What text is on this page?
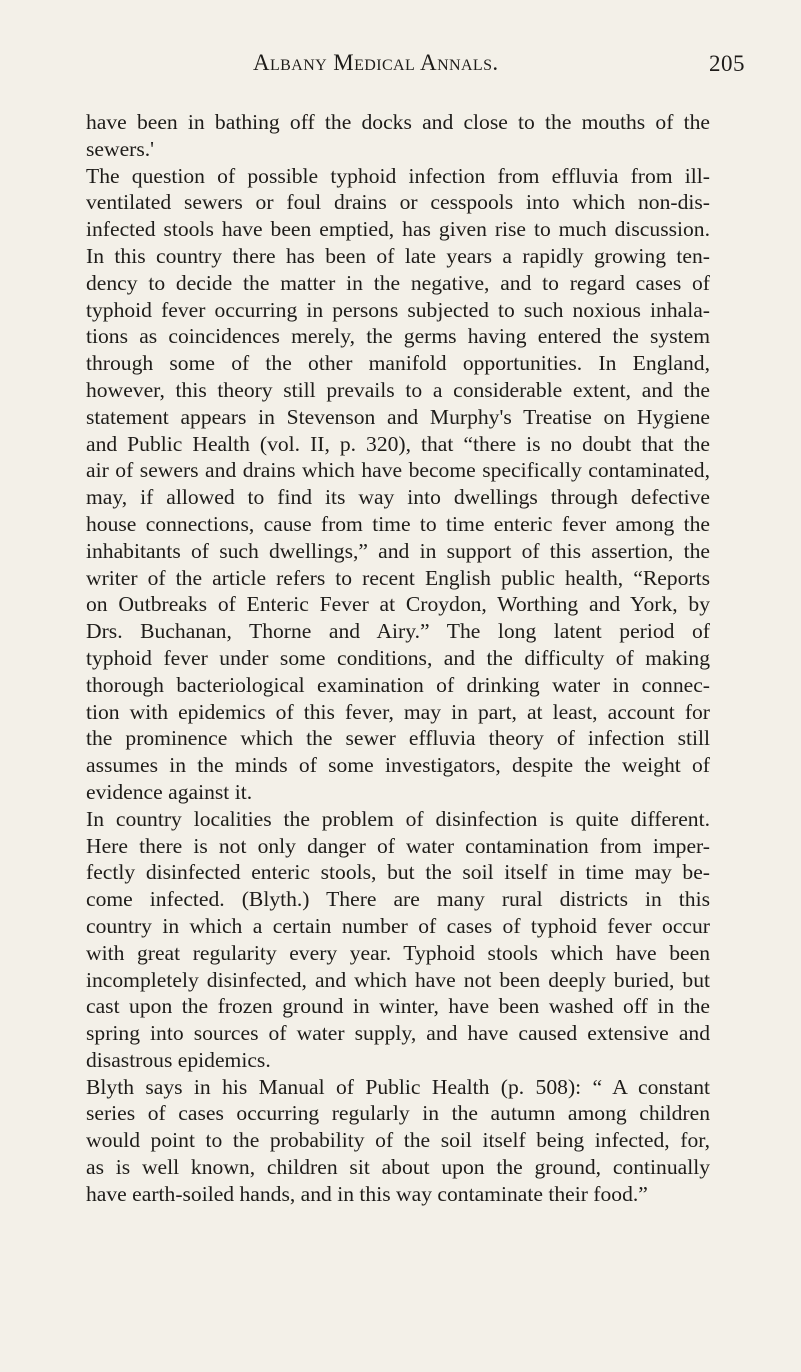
Albany Medical Annals.	205
have been in bathing off the docks and close to the mouths of the
sewers.'
The question of possible typhoid infection from effluvia from ill-
ventilated sewers or foul drains or cesspools into which non-dis-
infected stools have been emptied, has given rise to much discussion.
In this country there has been of late years a rapidly growing ten-
dency to decide the matter in the negative, and to regard cases of
typhoid fever occurring in persons subjected to such noxious inhala-
tions as coincidences merely, the germs having entered the system
through some of the other manifold opportunities. In England,
however, this theory still prevails to a considerable extent, and the
statement appears in Stevenson and Murphy's Treatise on Hygiene
and Public Health (vol. II, p. 320), that “there is no doubt that the
air of sewers and drains which have become specifically contaminated,
may, if allowed to find its way into dwellings through defective
house connections, cause from time to time enteric fever among the
inhabitants of such dwellings,” and in support of this assertion, the
writer of the article refers to recent English public health, “Reports
on Outbreaks of Enteric Fever at Croydon, Worthing and York, by
Drs. Buchanan, Thorne and Airy.” The long latent period of
typhoid fever under some conditions, and the difficulty of making
thorough bacteriological examination of drinking water in connec-
tion with epidemics of this fever, may in part, at least, account for
the prominence which the sewer effluvia theory of infection still
assumes in the minds of some investigators, despite the weight of
evidence against it.
In country localities the problem of disinfection is quite different.
Here there is not only danger of water contamination from imper-
fectly disinfected enteric stools, but the soil itself in time may be-
come infected. (Blyth.) There are many rural districts in this
country in which a certain number of cases of typhoid fever occur
with great regularity every year. Typhoid stools which have been
incompletely disinfected, and which have not been deeply buried, but
cast upon the frozen ground in winter, have been washed off in the
spring into sources of water supply, and have caused extensive and
disastrous epidemics.
Blyth says in his Manual of Public Health (p. 508): “ A constant
series of cases occurring regularly in the autumn among children
would point to the probability of the soil itself being infected, for,
as is well known, children sit about upon the ground, continually
have earth-soiled hands, and in this way contaminate their food.”
